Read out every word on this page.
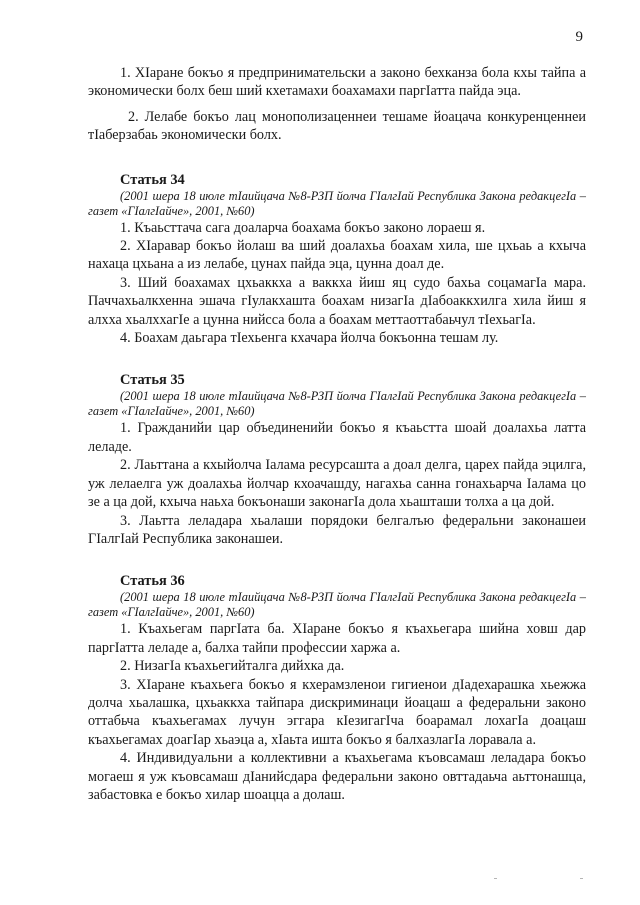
9

1. ХIаране бокъо я предпринимательски а законо бехканза бола кхы тайпа а экономически болх беш ший кхетамахи боахамахи паргIатта пайда эца.

2. Лелабе бокъо лац монополизаценнеи тешаме йоацача конкуренценнеи тIаберзабаь экономически болх.

Статья 34
(2001 шера 18 июле тIаийцача №8-РЗП йолча ГIалгIай Республика Закона редакцегIа – газет «ГIалгIайче», 2001, №60)

1. Къаьсттача сага доаларча боахама бокъо законо лораеш я.

2. ХIаравар бокъо йолаш ва ший доалахьа боахам хила, ше цхьаь а кхыча нахаца цхьана а из лелабе, цунах пайда эца, цунна доал де.

3. Ший боахамах цхьаккха а ваккха йиш яц судо бахьа соцамагIа мара. Паччахьалкхенна эшача гIулакхашта боахам низагIа дIабоаккхилга хила йиш я алхха хьалххагIе а цунна нийсса бола а боахам меттаоттабаьчул тIехьагIа.

4. Боахам даьгара тIехьенга кхачара йолча бокъонна тешам лу.

Статья 35
(2001 шера 18 июле тIаийцача №8-РЗП йолча ГIалгIай Республика Закона редакцегIа – газет «ГIалгIайче», 2001, №60)

1. Гражданийи цар объединенийи бокъо я къаьстта шоай доалахьа латта леладе.

2. Лаьттана а кхыйолча Iалама ресурсашта а доал делга, царех пайда эцилга, уж лелаелга уж доалахьа йолчар кхоачашду, нагахьа санна гонахьарча Iалама цо зе а ца дой, кхыча наьха бокъонаши законагIа дола хьашташи толха а ца дой.

3. Лаьтта леладара хьалаши порядоки белгалъю федеральни законашеи ГIалгIай Республика законашеи.

Статья 36
(2001 шера 18 июле тIаийцача №8-РЗП йолча ГIалгIай Республика Закона редакцегIа – газет «ГIалгIайче», 2001, №60)

1. Къахьегам паргIата ба. ХIаране бокъо я къахьегара шийна ховш дар паргIатта леладе а, балха тайпи профессии харжа а.

2. НизагIа къахьегийталга дийхка да.

3. ХIаране къахьега бокъо я кхерамзленои гигиенои дIадехарашка хьежжа долча хьалашка, цхьаккха тайпара дискриминаци йоацаш а федеральни законо оттабьча къахьегамах лучун эггара кIезигагIча боарамал лохагIа доацаш къахьегамах доагIар хьаэца а, хIаьта ишта бокъо я балхазлагIа лоравала а.

4. Индивидуальни а коллективни а къахьегама къовсамаш леладара бокъо могаеш я уж къовсамаш дIанийсдара федеральни законо овттадаьча аьттонашца, забастовка е бокъо хилар шоацца а долаш.
